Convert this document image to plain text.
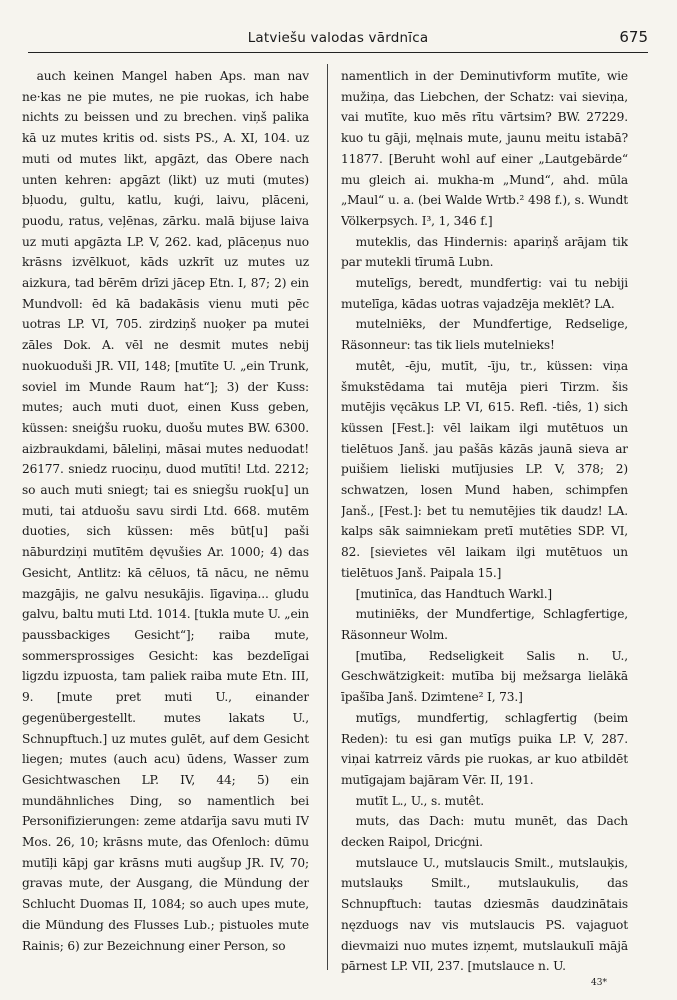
Latviešu valodas vārdnīca	675

auch keinen Mangel haben Aps. man nav ne·kas ne pie mutes, ne pie ruokas, ich habe nichts zu beissen und zu brechen. viņš palika kā uz mutes kritis od. sists PS., A. XI, 104. uz muti od mutes likt, apgāzt, das Obere nach unten kehren: apgāzt (likt) uz muti (mutes) bļuodu, gultu, katlu, kuģi, laivu, plāceni, puodu, ratus, veļēnas, zārku. malā bijuse laiva uz muti apgāzta LP. V, 262. kad, plāceņus nuo krāsns izvēlkuot, kāds uzkrīt uz mutes uz aizkura, tad bērēm drīzi jācep Etn. I, 87; 2) ein Mundvoll: ēd kā badakāsis vienu muti pēc uotras LP. VI, 705. zirdziņš nuoķer pa mutei zāles Dok. A. vēl ne desmit mutes nebij nuokuoduši JR. VII, 148; [mutīte U. „ein Trunk, soviel im Munde Raum hat“]; 3) der Kuss: mutes; auch muti duot, einen Kuss geben, küssen: sneiģšu ruoku, duošu mutes BW. 6300. aizbraukdami, bāleliņi, māsai mutes neduodat! 26177. sniedz ruociņu, duod mutīti! Ltd. 2212; so auch muti sniegt; tai es sniegšu ruok[u] un muti, tai atduošu savu sirdi Ltd. 668. mutēm duoties, sich küssen: mēs būt[u] paši nāburdziņi mutītēm dęvušies Ar. 1000; 4) das Gesicht, Antlitz: kā cēluos, tā nācu, ne nēmu mazgājis, ne galvu nesukājis. līgaviņa... gludu galvu, baltu muti Ltd. 1014. [tukla mute U. „ein paussbackiges Gesicht“]; raiba mute, sommersprossiges Gesicht: kas bezdelīgai ligzdu izpuosta, tam paliek raiba mute Etn. III, 9. [mute pret muti U., einander gegenübergestellt. mutes lakats U., Schnupftuch.] uz mutes gulēt, auf dem Gesicht liegen; mutes (auch acu) ūdens, Wasser zum Gesichtwaschen LP. IV, 44; 5) ein mundähnliches Ding, so namentlich bei Personifizierungen: zeme atdarīja savu muti IV Mos. 26, 10; krāsns mute, das Ofenloch: dūmu mutīļi kāpj gar krāsns muti augšup JR. IV, 70; gravas mute, der Ausgang, die Mündung der Schlucht Duomas II, 1084; so auch upes mute, die Mündung des Flusses Lub.; pistuoles mute Rainis; 6) zur Bezeichnung einer Person, so

namentlich in der Deminutivform mutīte, wie mužiņa, das Liebchen, der Schatz: vai sieviņa, vai mutīte, kuo mēs rītu vārtsim? BW. 27229. kuo tu gāji, męlnais mute, jaunu meitu istabā? 11877. [Beruht wohl auf einer „Lautgebärde“ mu gleich ai. mukha-m „Mund“, ahd. mūla „Maul“ u. a. (bei Walde Wrtb.² 498 f.), s. Wundt Völkerpsych. I³, 1, 346 f.]

muteklis, das Hindernis: apariņš arājam tik par mutekli tīrumā Lubn.

mutelīgs, beredt, mundfertig: vai tu nebiji mutelīga, kādas uotras vajadzēja meklēt? LA.

mutelniēks, der Mundfertige, Redselige, Räsonneur: tas tik liels mutelnieks!

mutêt, -ēju, mutīt, -īju, tr., küssen: viņa šmukstēdama tai mutēja pieri Tirzm. šis mutējis vęcākus LP. VI, 615. Refl. -tiês, 1) sich küssen [Fest.]: vēl laikam ilgi mutētuos un tielētuos Janš. jau pašās kāzās jaunā sieva ar puišiem lieliski mutījusies LP. V, 378; 2) schwatzen, losen Mund haben, schimpfen Janš., [Fest.]: bet tu nemutējies tik daudz! LA. kalps sāk saimniekam pretī mutēties SDP. VI, 82. [sievietes vēl laikam ilgi mutētuos un tielētuos Janš. Paipala 15.]

[mutinīca, das Handtuch Warkl.]

mutiniēks, der Mundfertige, Schlagfertige, Räsonneur Wolm.

[mutība, Redseligkeit Salis n. U., Geschwätzigkeit: mutība bij mežsarga lielākā īpašība Janš. Dzimtene² I, 73.]

mutīgs, mundfertig, schlagfertig (beim Reden): tu esi gan mutīgs puika LP. V, 287. viņai katrreiz vārds pie ruokas, ar kuo atbildēt mutīgajam bajāram Vēr. II, 191.

mutīt L., U., s. mutêt.

muts, das Dach: mutu munēt, das Dach decken Raipol, Dricģni.

mutslauce U., mutslaucis Smilt., mutslauķis, mutslauķs Smilt., mutslaukulis, das Schnupftuch: tautas dziesmās daudzinātais nęzduogs nav vis mutslaucis PS. vajaguot dievmaizi nuo mutes izņemt, mutslaukulī mājā pārnest LP. VII, 237. [mutslauce n. U.

43*
